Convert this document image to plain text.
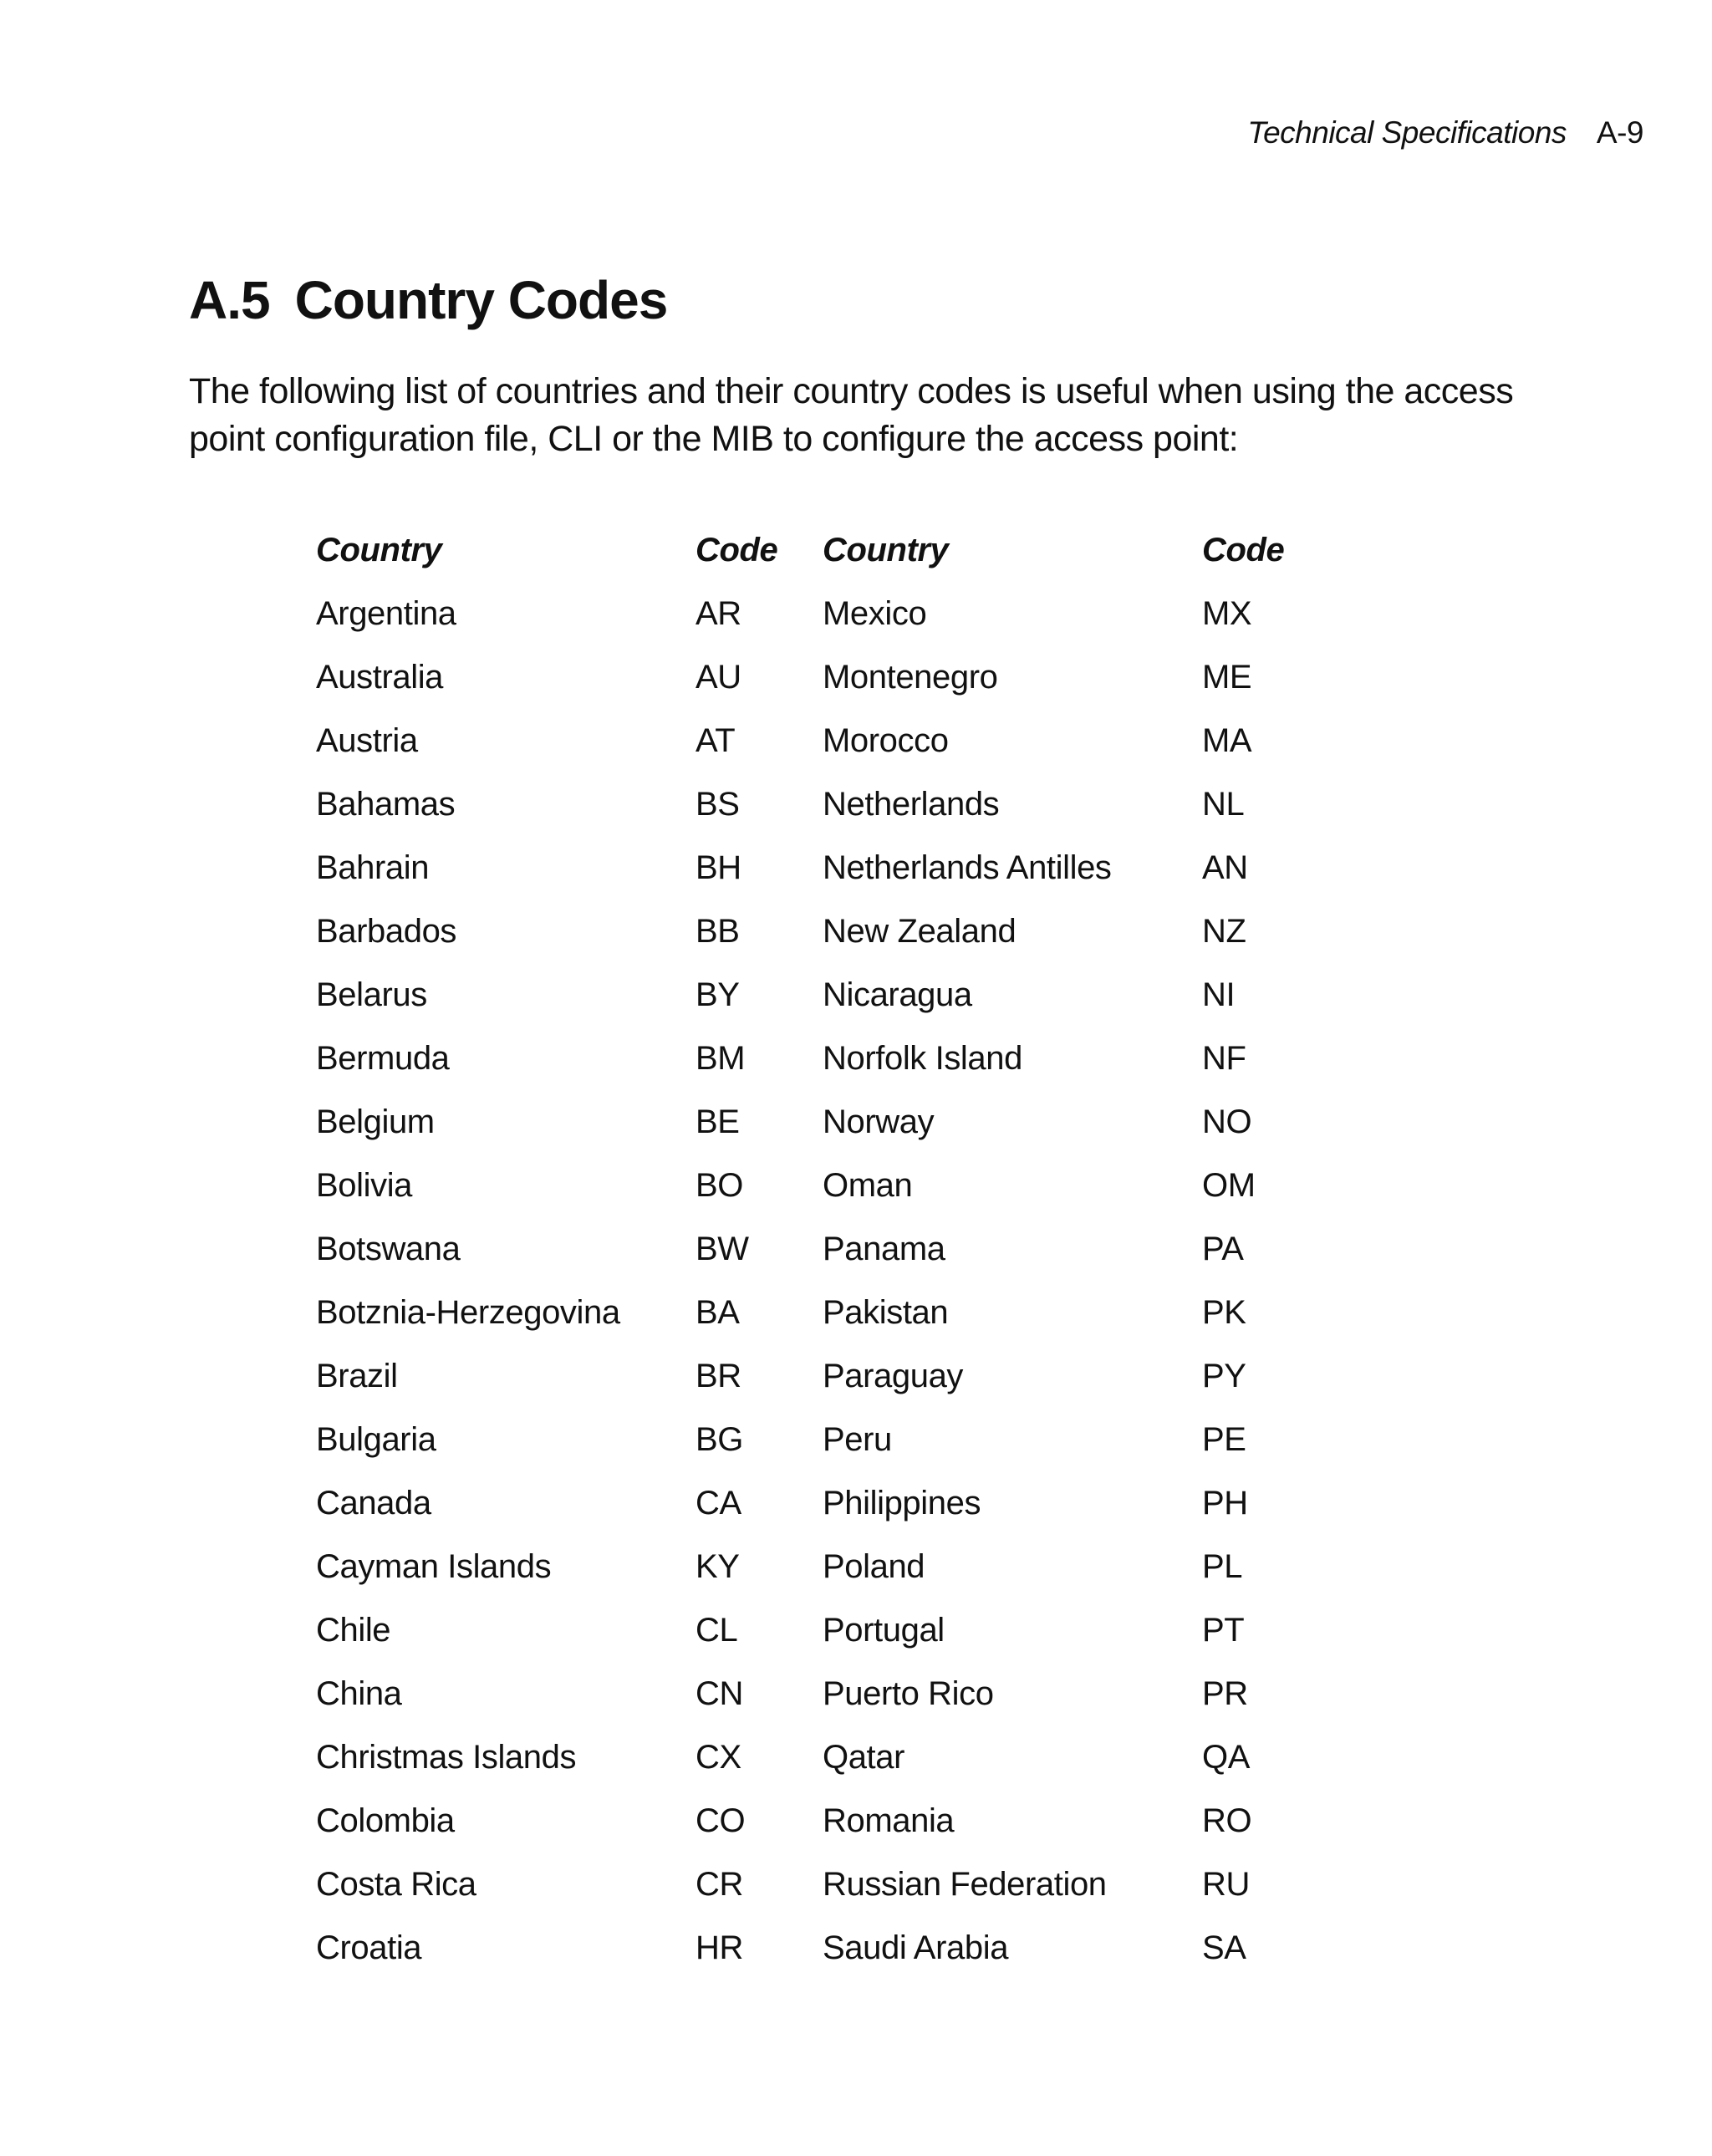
Technical Specifications A-9
A.5 Country Codes

The following list of countries and their country codes is useful when using the access point configuration file, CLI or the MIB to configure the access point:

Country	Code	Country	Code
Argentina	AR	Mexico	MX
Australia	AU	Montenegro	ME
Austria	AT	Morocco	MA
Bahamas	BS	Netherlands	NL
Bahrain	BH	Netherlands Antilles	AN
Barbados	BB	New Zealand	NZ
Belarus	BY	Nicaragua	NI
Bermuda	BM	Norfolk Island	NF
Belgium	BE	Norway	NO
Bolivia	BO	Oman	OM
Botswana	BW	Panama	PA
Botznia-Herzegovina	BA	Pakistan	PK
Brazil	BR	Paraguay	PY
Bulgaria	BG	Peru	PE
Canada	CA	Philippines	PH
Cayman Islands	KY	Poland	PL
Chile	CL	Portugal	PT
China	CN	Puerto Rico	PR
Christmas Islands	CX	Qatar	QA
Colombia	CO	Romania	RO
Costa Rica	CR	Russian Federation	RU
Croatia	HR	Saudi Arabia	SA
